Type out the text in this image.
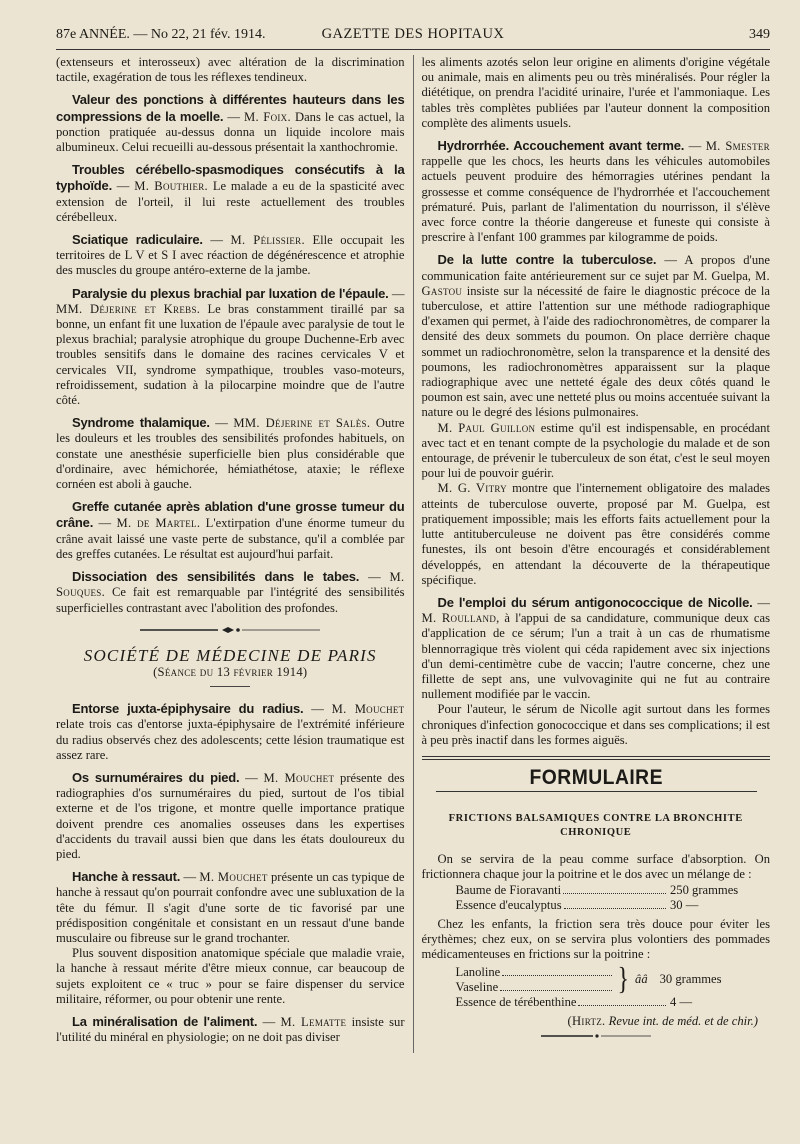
87e ANNÉE. — No 22, 21 fév. 1914.	GAZETTE DES HOPITAUX	349

(extenseurs et interosseux) avec altération de la discrimination tactile, exagération de tous les réflexes tendineux.

Valeur des ponctions à différentes hauteurs dans les compressions de la moelle. — M. Foix. Dans le cas actuel, la ponction pratiquée au-dessus donna un liquide incolore mais albumineux. Celui recueilli au-dessous présentait la xanthochromie.

Troubles cérébello-spasmodiques consécutifs à la typhoïde. — M. Bouthier. Le malade a eu de la spasticité avec extension de l'orteil, il lui reste actuellement des troubles cérébelleux.

Sciatique radiculaire. — M. Pélissier. Elle occupait les territoires de L V et S I avec réaction de dégénérescence et atrophie des muscles du groupe antéro-externe de la jambe.

Paralysie du plexus brachial par luxation de l'épaule. — MM. Déjerine et Krebs. Le bras constamment tiraillé par sa bonne, un enfant fit une luxation de l'épaule avec paralysie de tout le plexus brachial; paralysie atrophique du groupe Duchenne-Erb avec troubles sensitifs dans le domaine des racines cervicales V et cervicales VII, syndrome sympathique, troubles vaso-moteurs, refroidissement, sudation à la pilocarpine moindre que de l'autre côté.

Syndrome thalamique. — MM. Déjerine et Salès. Outre les douleurs et les troubles des sensibilités profondes habituels, on constate une anesthésie superficielle bien plus considérable que d'ordinaire, avec hémichorée, hémiathétose, ataxie; le réflexe cornéen est aboli à gauche.

Greffe cutanée après ablation d'une grosse tumeur du crâne. — M. de Martel. L'extirpation d'une énorme tumeur du crâne avait laissé une vaste perte de substance, qu'il a comblée par des greffes cutanées. Le résultat est aujourd'hui parfait.

Dissociation des sensibilités dans le tabes. — M. Souques. Ce fait est remarquable par l'intégrité des sensibilités superficielles contrastant avec l'abolition des profondes.

SOCIÉTÉ DE MÉDECINE DE PARIS
(Séance du 13 février 1914)

Entorse juxta-épiphysaire du radius. — M. Mouchet relate trois cas d'entorse juxta-épiphysaire de l'extrémité inférieure du radius observés chez des adolescents; cette lésion traumatique est assez rare.

Os surnuméraires du pied. — M. Mouchet présente des radiographies d'os surnuméraires du pied, surtout de l'os tibial externe et de l'os trigone, et montre quelle importance pratique doivent prendre ces anomalies osseuses dans les expertises d'accidents du travail aussi bien que dans les états douloureux du pied.

Hanche à ressaut. — M. Mouchet présente un cas typique de hanche à ressaut qu'on pourrait confondre avec une subluxation de la tête du fémur. Il s'agit d'une sorte de tic favorisé par une prédisposition congénitale et consistant en un ressaut d'une bande musculaire ou fibreuse sur le grand trochanter.

Plus souvent disposition anatomique spéciale que maladie vraie, la hanche à ressaut mérite d'être mieux connue, car beaucoup de sujets exploitent ce « truc » pour se faire dispenser du service militaire, réformer, ou pour obtenir une rente.

La minéralisation de l'aliment. — M. Lematte insiste sur l'utilité du minéral en physiologie; on ne doit pas diviser

les aliments azotés selon leur origine en aliments d'origine végétale ou animale, mais en aliments peu ou très minéralisés. Pour régler la diététique, on prendra l'acidité urinaire, l'urée et l'ammoniaque. Les tables très complètes publiées par l'auteur donnent la composition complète des aliments usuels.

Hydrorrhée. Accouchement avant terme. — M. Smester rappelle que les chocs, les heurts dans les véhicules automobiles actuels peuvent produire des hémorragies utérines pendant la grossesse et comme conséquence de l'hydrorrhée et l'accouchement prématuré. Puis, parlant de l'alimentation du nourrisson, il s'élève avec force contre la théorie dangereuse et funeste qui consiste à prescrire à l'enfant 100 grammes par kilogramme de poids.

De la lutte contre la tuberculose. — A propos d'une communication faite antérieurement sur ce sujet par M. Guelpa, M. Gastou insiste sur la nécessité de faire le diagnostic précoce de la tuberculose, et attire l'attention sur une méthode radiographique d'examen qui permet, à l'aide des radiochronomètres, de comparer la densité des deux sommets du poumon. On place derrière chaque sommet un radiochronomètre, selon la transparence et la densité des poumons, les radiochronomètres apparaissent sur la plaque radiographique avec une netteté égale des deux côtés quand le poumon est sain, avec une netteté plus ou moins accentuée suivant la nature ou le degré des lésions pulmonaires.

M. Paul Guillon estime qu'il est indispensable, en procédant avec tact et en tenant compte de la psychologie du malade et de son entourage, de prévenir le tuberculeux de son état, c'est le seul moyen pour lui de pouvoir guérir.

M. G. Vitry montre que l'internement obligatoire des malades atteints de tuberculose ouverte, proposé par M. Guelpa, est pratiquement impossible; mais les efforts faits actuellement pour la lutte antituberculeuse ne doivent pas être considérés comme funestes, ils ont besoin d'être encouragés et considérablement développés, en attendant la découverte de la thérapeutique spécifique.

De l'emploi du sérum antigonococcique de Nicolle. — M. Roulland, à l'appui de sa candidature, communique deux cas d'application de ce sérum; l'un a trait à un cas de rhumatisme blennorragique très violent qui céda rapidement avec six injections d'un demi-centimètre cube de vaccin; l'autre concerne, chez une fillette de sept ans, une vulvovaginite qui ne fut au contraire nullement modifiée par le vaccin.

Pour l'auteur, le sérum de Nicolle agit surtout dans les formes chroniques d'infection gonococcique et dans ses complications; il est à peu près inactif dans les formes aiguës.

FORMULAIRE
FRICTIONS BALSAMIQUES CONTRE LA BRONCHITE CHRONIQUE

On se servira de la peau comme surface d'absorption. On frictionnera chaque jour la poitrine et le dos avec un mélange de :

Baume de Fioravanti	250 grammes
Essence d'eucalyptus	30 —

Chez les enfants, la friction sera très douce pour éviter les érythèmes; chez eux, on se servira plus volontiers des pommades médicamenteuses en frictions sur la poitrine :

Lanoline
Vaseline	} ââ 30 grammes
Essence de térébenthine	4 —
(Hirtz. Revue int. de méd. et de chir.)
